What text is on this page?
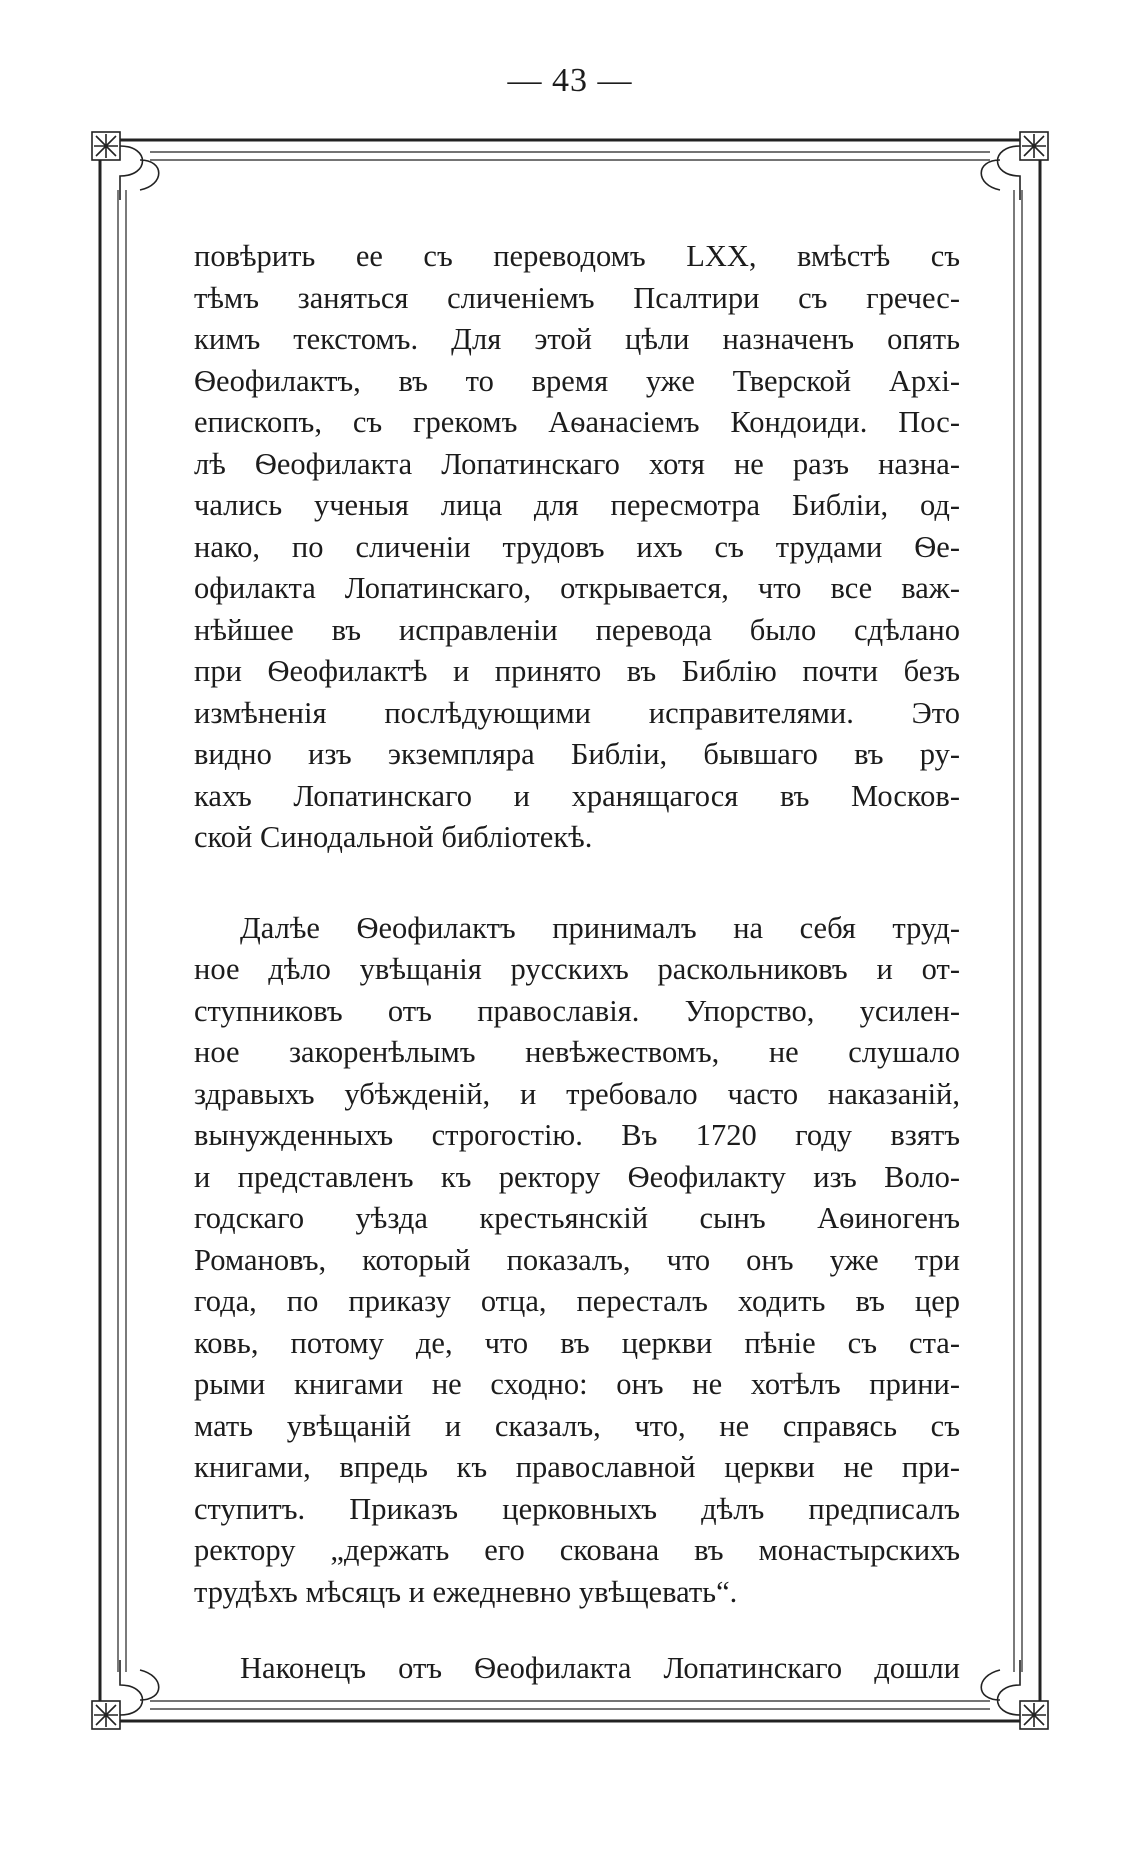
— 43 —
повѣрить ее съ переводомъ LXX, вмѣстѣ съ
тѣмъ заняться сличеніемъ Псалтири съ гречес-
кимъ текстомъ. Для этой цѣли назначенъ опять
Ѳеофилактъ, въ то время уже Тверской Архі-
епископъ, съ грекомъ Аѳанасіемъ Кондоиди. Пос-
лѣ Ѳеофилакта Лопатинскаго хотя не разъ назна-
чались ученыя лица для пересмотра Библіи, од-
нако, по сличеніи трудовъ ихъ съ трудами Ѳе-
офилакта Лопатинскаго, открывается, что все важ-
нѣйшее въ исправленіи перевода было сдѣлано
при Ѳеофилактѣ и принято въ Библію почти безъ
измѣненія послѣдующими исправителями. Это
видно изъ экземпляра Библіи, бывшаго въ ру-
кахъ Лопатинскаго и хранящагося въ Москов-
ской Синодальной библіотекѣ.
Далѣе Ѳеофилактъ принималъ на себя труд-
ное дѣло увѣщанія русскихъ раскольниковъ и от-
ступниковъ отъ православія. Упорство, усилен-
ное закоренѣлымъ невѣжествомъ, не слушало
здравыхъ убѣжденій, и требовало часто наказаній,
вынужденныхъ строгостію. Въ 1720 году взятъ
и представленъ къ ректору Ѳеофилакту изъ Воло-
годскаго уѣзда крестьянскій сынъ Аѳиногенъ
Романовъ, который показалъ, что онъ уже три
года, по приказу отца, пересталъ ходить въ цер
ковь, потому де, что въ церкви пѣніе съ ста-
рыми книгами не сходно: онъ не хотѣлъ прини-
мать увѣщаній и сказалъ, что, не справясь съ
книгами, впредь къ православной церкви не при-
ступитъ. Приказъ церковныхъ дѣлъ предписалъ
ректору „держать его скована въ монастырскихъ
трудѣхъ мѣсяцъ и ежедневно увѣщевать“.
Наконецъ отъ Ѳеофилакта Лопатинскаго дошли
